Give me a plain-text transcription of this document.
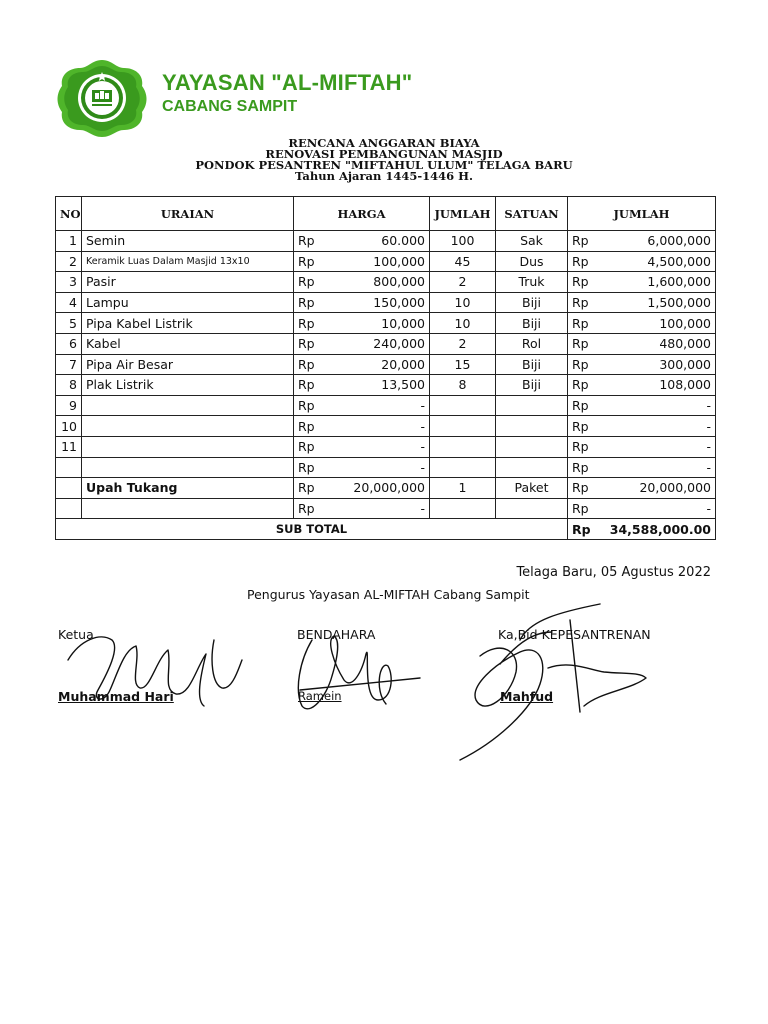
YAYASAN "AL-MIFTAH"
CABANG SAMPIT
RENCANA ANGGARAN BIAYA
RENOVASI PEMBANGUNAN MASJID
PONDOK PESANTREN "MIFTAHUL ULUM" TELAGA BARU
Tahun Ajaran 1445-1446 H.
NO	URAIAN	HARGA		JUMLAH	SATUAN	JUMLAH	
1	Semin	Rp	60.000	100	Sak	Rp	6,000,000
2	Keramik Luas Dalam Masjid 13x10	Rp	100,000	45	Dus	Rp	4,500,000
3	Pasir	Rp	800,000	2	Truk	Rp	1,600,000
4	Lampu	Rp	150,000	10	Biji	Rp	1,500,000
5	Pipa Kabel Listrik	Rp	10,000	10	Biji	Rp	100,000
6	Kabel	Rp	240,000	2	Rol	Rp	480,000
7	Pipa Air Besar	Rp	20,000	15	Biji	Rp	300,000
8	Plak Listrik	Rp	13,500	8	Biji	Rp	108,000
9		Rp	-			Rp	-
10		Rp	-			Rp	-
11		Rp	-			Rp	-
		Rp	-			Rp	-
	Upah Tukang	Rp	20,000,000	1	Paket	Rp	20,000,000
		Rp	-			Rp	-
SUB TOTAL						Rp	34,588,000.00
Telaga Baru, 05 Agustus 2022
Pengurus Yayasan AL-MIFTAH Cabang Sampit
Ketua	BENDAHARA	Ka,Bid KEPESANTRENAN
Muhammad Hari	Ramein	Mahfud
